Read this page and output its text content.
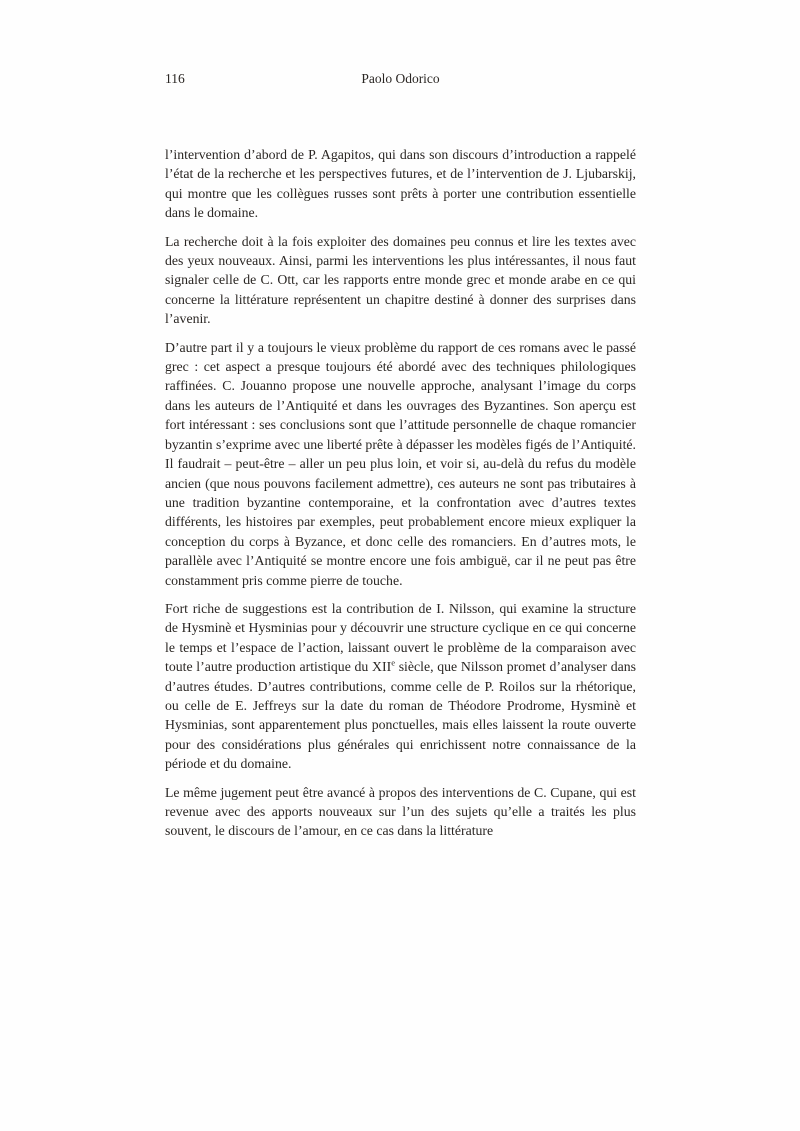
116	Paolo Odorico

l’intervention d’abord de P. Agapitos, qui dans son discours d’introduction a rappelé l’état de la recherche et les perspectives futures, et de l’intervention de J. Ljubarskij, qui montre que les collègues russes sont prêts à porter une contribution essentielle dans le domaine.

La recherche doit à la fois exploiter des domaines peu connus et lire les textes avec des yeux nouveaux. Ainsi, parmi les interventions les plus intéressantes, il nous faut signaler celle de C. Ott, car les rapports entre monde grec et monde arabe en ce qui concerne la littérature représentent un chapitre destiné à donner des surprises dans l’avenir.

D’autre part il y a toujours le vieux problème du rapport de ces romans avec le passé grec : cet aspect a presque toujours été abordé avec des techniques philologiques raffinées. C. Jouanno propose une nouvelle approche, analysant l’image du corps dans les auteurs de l’Antiquité et dans les ouvrages des Byzantines. Son aperçu est fort intéressant : ses conclusions sont que l’attitude personnelle de chaque romancier byzantin s’exprime avec une liberté prête à dépasser les modèles figés de l’Antiquité. Il faudrait – peut-être – aller un peu plus loin, et voir si, au-delà du refus du modèle ancien (que nous pouvons facilement admettre), ces auteurs ne sont pas tributaires à une tradition byzantine contemporaine, et la confrontation avec d’autres textes différents, les histoires par exemples, peut probablement encore mieux expliquer la conception du corps à Byzance, et donc celle des romanciers. En d’autres mots, le parallèle avec l’Antiquité se montre encore une fois ambiguë, car il ne peut pas être constamment pris comme pierre de touche.

Fort riche de suggestions est la contribution de I. Nilsson, qui examine la structure de Hysminè et Hysminias pour y découvrir une structure cyclique en ce qui concerne le temps et l’espace de l’action, laissant ouvert le problème de la comparaison avec toute l’autre production artistique du XIIe siècle, que Nilsson promet d’analyser dans d’autres études. D’autres contributions, comme celle de P. Roilos sur la rhétorique, ou celle de E. Jeffreys sur la date du roman de Théodore Prodrome, Hysminè et Hysminias, sont apparentement plus ponctuelles, mais elles laissent la route ouverte pour des considérations plus générales qui enrichissent notre connaissance de la période et du domaine.

Le même jugement peut être avancé à propos des interventions de C. Cupane, qui est revenue avec des apports nouveaux sur l’un des sujets qu’elle a traités les plus souvent, le discours de l’amour, en ce cas dans la littérature
